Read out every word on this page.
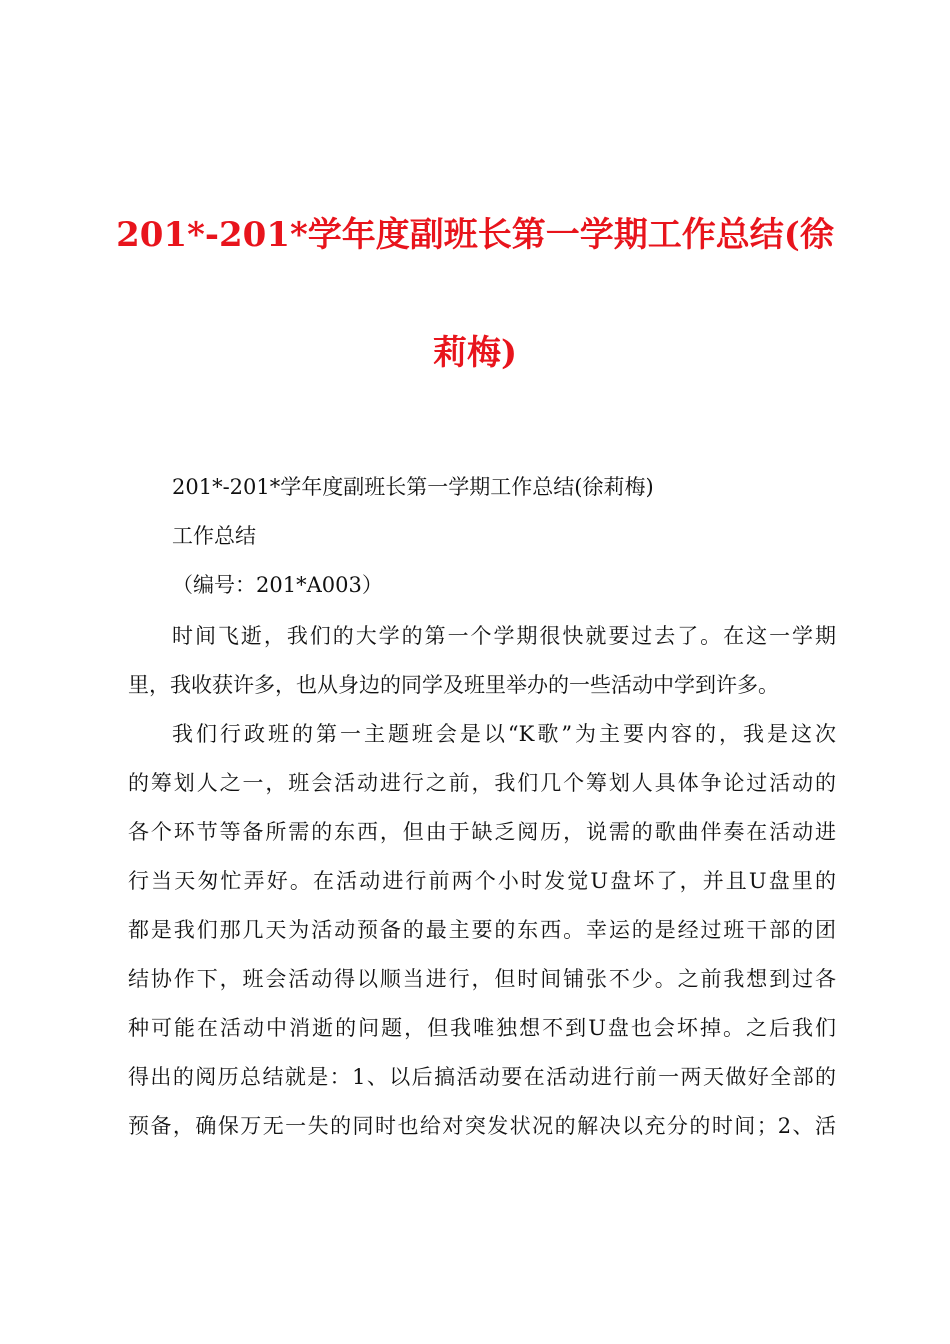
201*-201*学年度副班长第一学期工作总结(徐
莉梅)
201*-201*学年度副班长第一学期工作总结(徐莉梅)
工作总结
（编号：201*A003）
时间飞逝，我们的大学的第一个学期很快就要过去了。在这一学期
里，我收获许多，也从身边的同学及班里举办的一些活动中学到许多。
我们行政班的第一主题班会是以“K歌”为主要内容的，我是这次
的筹划人之一，班会活动进行之前，我们几个筹划人具体争论过活动的
各个环节等备所需的东西，但由于缺乏阅历，说需的歌曲伴奏在活动进
行当天匆忙弄好。在活动进行前两个小时发觉U盘坏了，并且U盘里的
都是我们那几天为活动预备的最主要的东西。幸运的是经过班干部的团
结协作下，班会活动得以顺当进行，但时间铺张不少。之前我想到过各
种可能在活动中消逝的问题，但我唯独想不到U盘也会坏掉。之后我们
得出的阅历总结就是：1、以后搞活动要在活动进行前一两天做好全部的
预备，确保万无一失的同时也给对突发状况的解决以充分的时间；2、活
